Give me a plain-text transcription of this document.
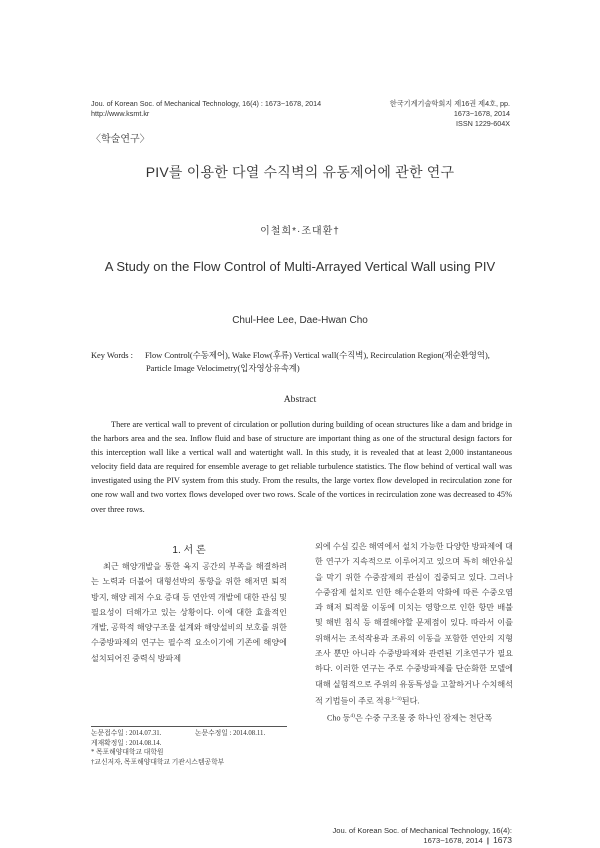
Jou. of Korean Soc. of Mechanical Technology, 16(4) : 1673~1678, 2014
http://www.ksmt.kr
한국기계기술학회지 제16권 제4호, pp. 1673~1678, 2014
ISSN 1229-604X
〈학술연구〉
PIV를 이용한 다열 수직벽의 유동제어에 관한 연구
이철희*·조대환†
A Study on the Flow Control of Multi-Arrayed Vertical Wall using PIV
Chul-Hee Lee, Dae-Hwan Cho
Key Words : Flow Control(수동제어), Wake Flow(후류) Vertical wall(수직벽), Recirculation Region(재순환영역),
Particle Image Velocimetry(입자영상유속계)
Abstract

There are vertical wall to prevent of circulation or pollution during building of ocean structures like a dam and bridge in the harbors area and the sea. Inflow fluid and base of structure are important thing as one of the structural design factors for this interception wall like a vertical wall and watertight wall. In this study, it is revealed that at least 2,000 instantaneous velocity field data are required for ensemble average to get reliable turbulence statistics. The flow behind of vertical wall was investigated using the PIV system from this study. From the results, the large vortex flow developed in recirculation zone for one row wall and two vortex flows developed over two rows. Scale of the vortices in recirculation zone was decreased to 45% over three rows.

1. 서 론

최근 해양개발을 통한 육지 공간의 부족을 해결하려는 노력과 더불어 대형선박의 통항을 위한 해저면 퇴적 방지, 해양 레저 수요 증대 등 연안역 개발에 대한 관심 및 필요성이 더해가고 있는 상황이다. 이에 대한 효율적인 개발, 공학적 해양구조물 설계와 해양설비의 보호를 위한 수중방파제의 연구는 필수적 요소이기에 기존에 해양에 설치되어진 중력식 방파제

외에 수심 깊은 해역에서 설치 가능한 다양한 방파제에 대한 연구가 지속적으로 이루어지고 있으며 특히 해안유실을 막기 위한 수중잠제의 관심이 집중되고 있다. 그러나 수중잠제 설치로 인한 해수순환의 악화에 따른 수중오염과 해저 퇴적물 이동에 미치는 영향으로 인한 항만 배불 및 해빈 침식 등 해결해야할 문제점이 있다. 따라서 이를 위해서는 조석작용과 조류의 이동을 포함한 연안의 지형조사 뿐만 아니라 수중방파제와 관련된 기초연구가 필요하다. 이러한 연구는 주로 수중방파제를 단순화한 모델에 대해 실험적으로 주위의 유동특성을 고찰하거나 수치해석적 기법들이 주로 적용$^{1\sim 3)}$된다.

Cho 등$^{4)}$은 수중 구조물 중 하나인 잠제는 천단폭

논문접수일 : 2014.07.31.	논문수정일 : 2014.08.11.
게재확정일 : 2014.08.14.
* 목포해양대학교 대학원
†교신저자, 목포해양대학교 기관시스템공학부
Jou. of Korean Soc. of Mechanical Technology, 16(4): 1673~1678, 2014 | 1673
